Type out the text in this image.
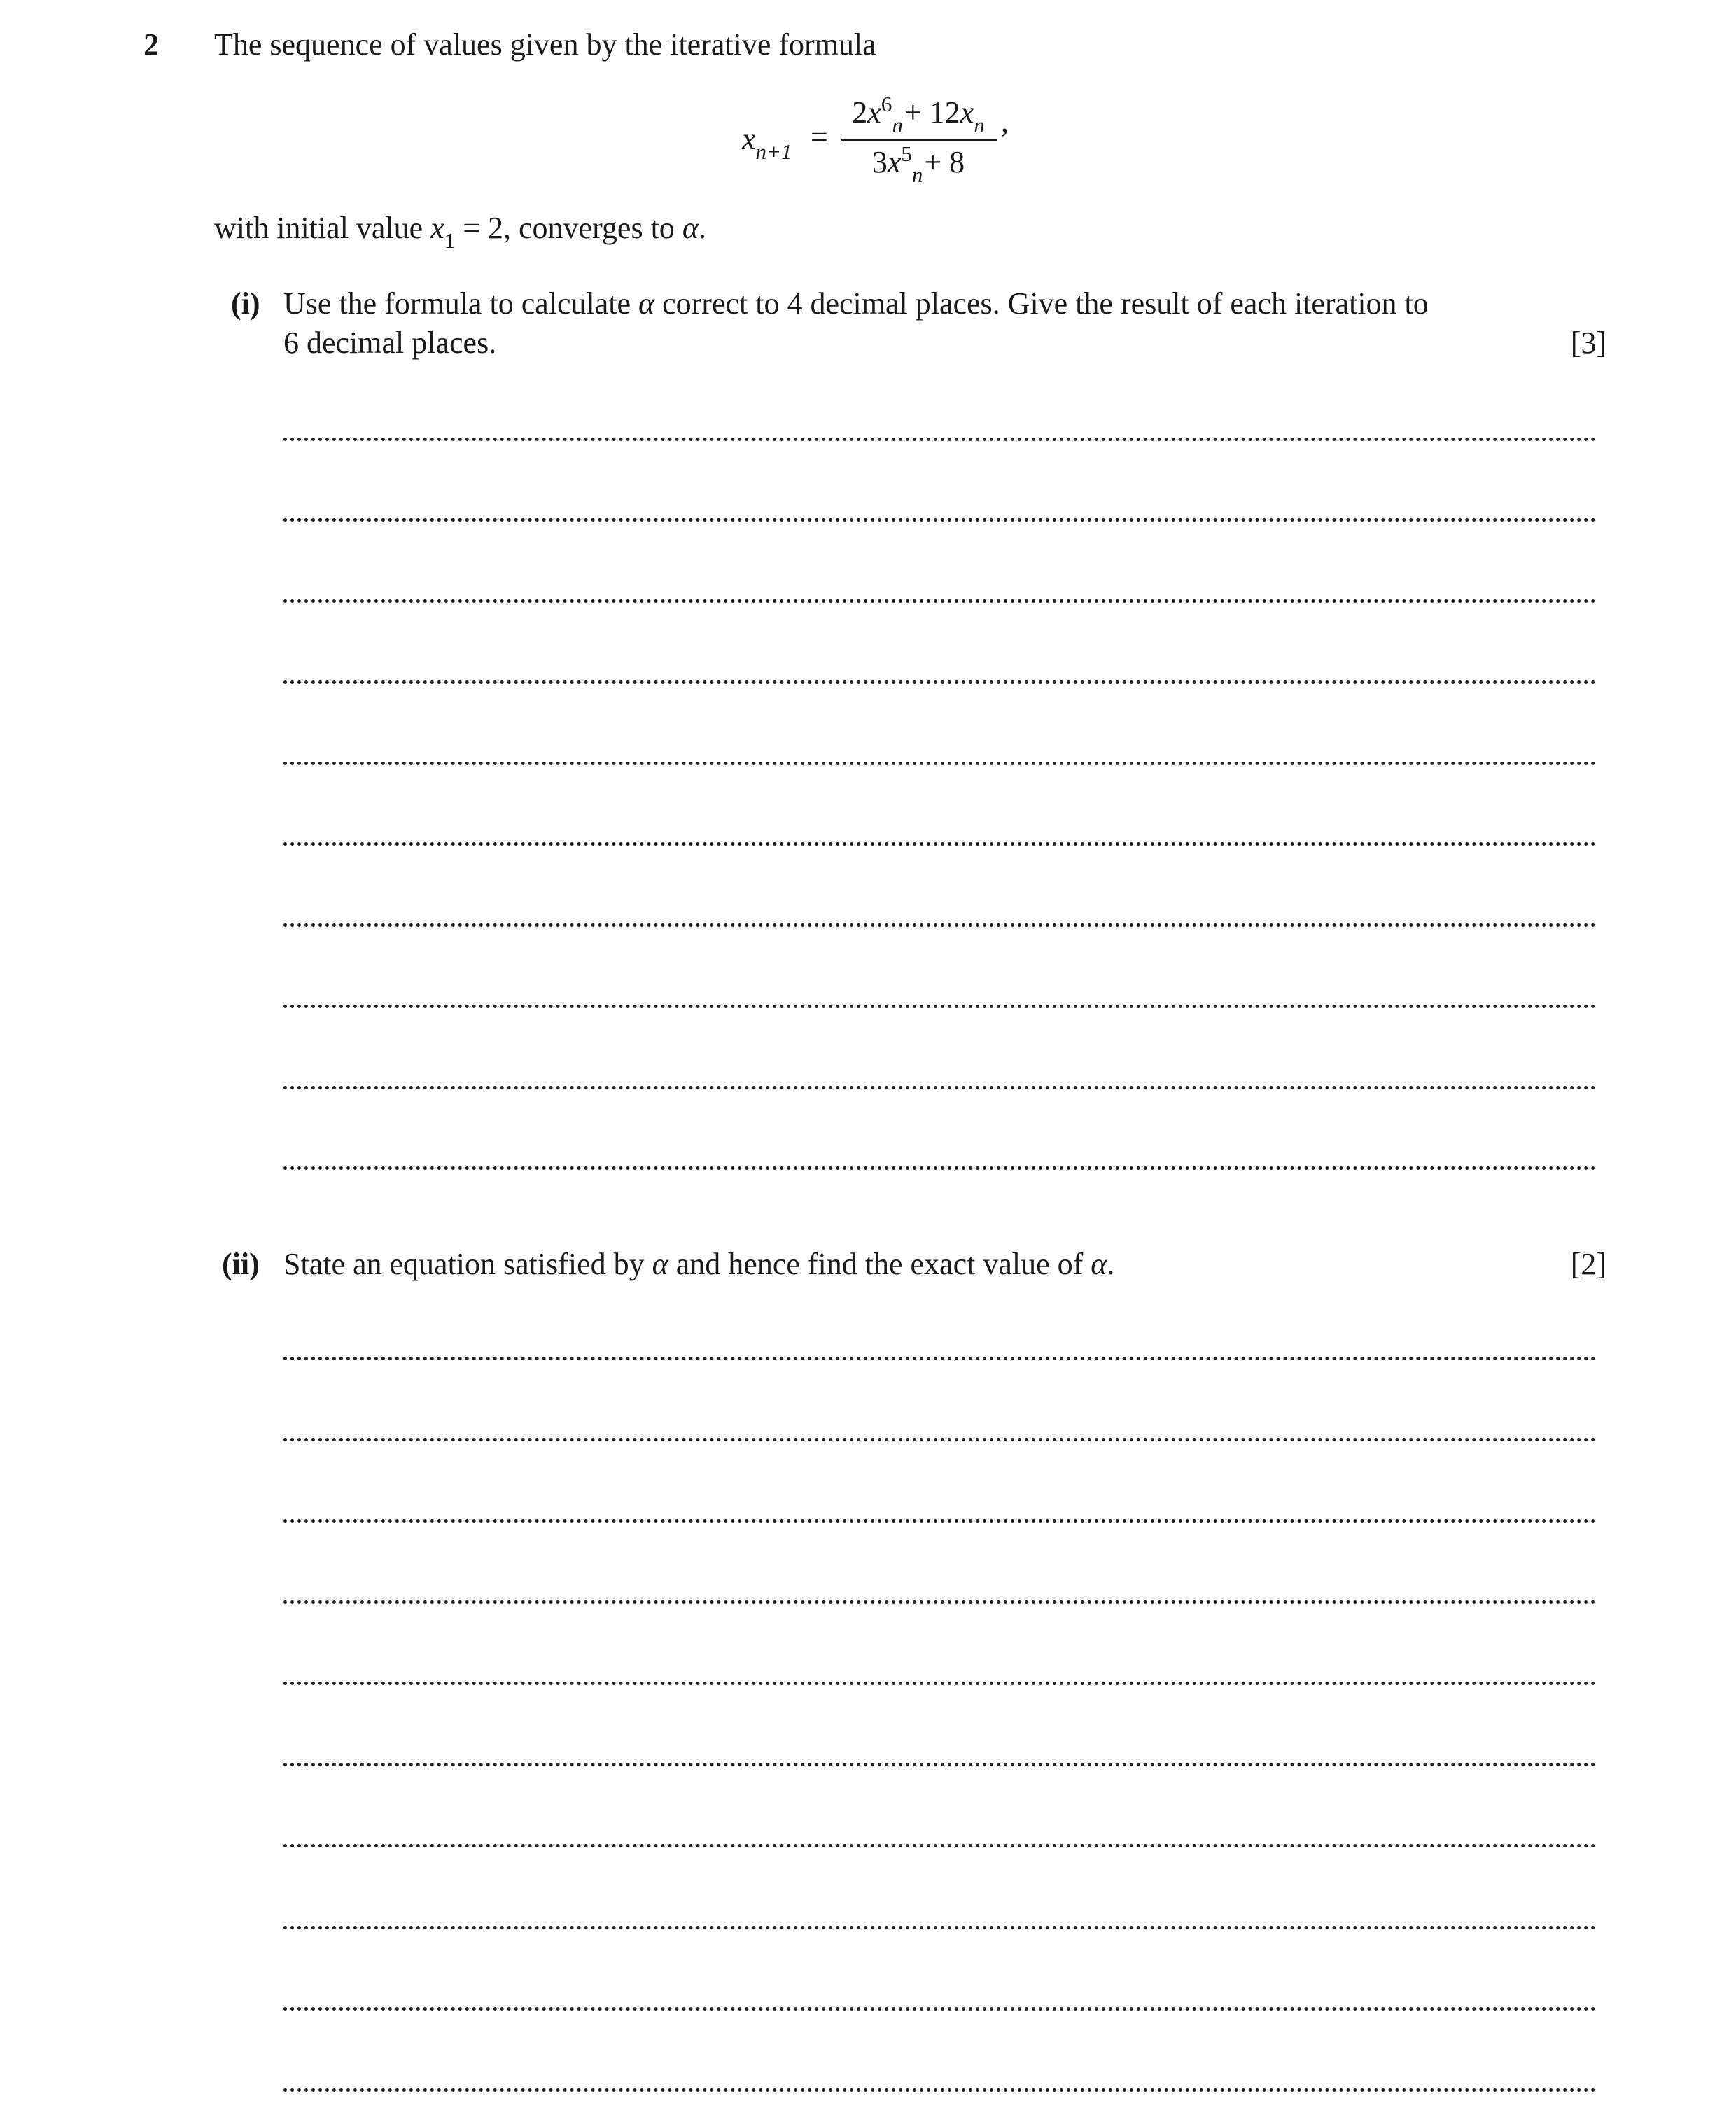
2 The sequence of values given by the iterative formula
$x_{n+1}$ =
$2x^6_n + 12x_n$
$3x^5_n + 8$
,
with initial value $x_1 = 2$, converges to α.
(i) Use the formula to calculate α correct to 4 decimal places. Give the result of each iteration to
6 decimal places.	[3]
(ii) State an equation satisfied by α and hence find the exact value of α.	[2]
